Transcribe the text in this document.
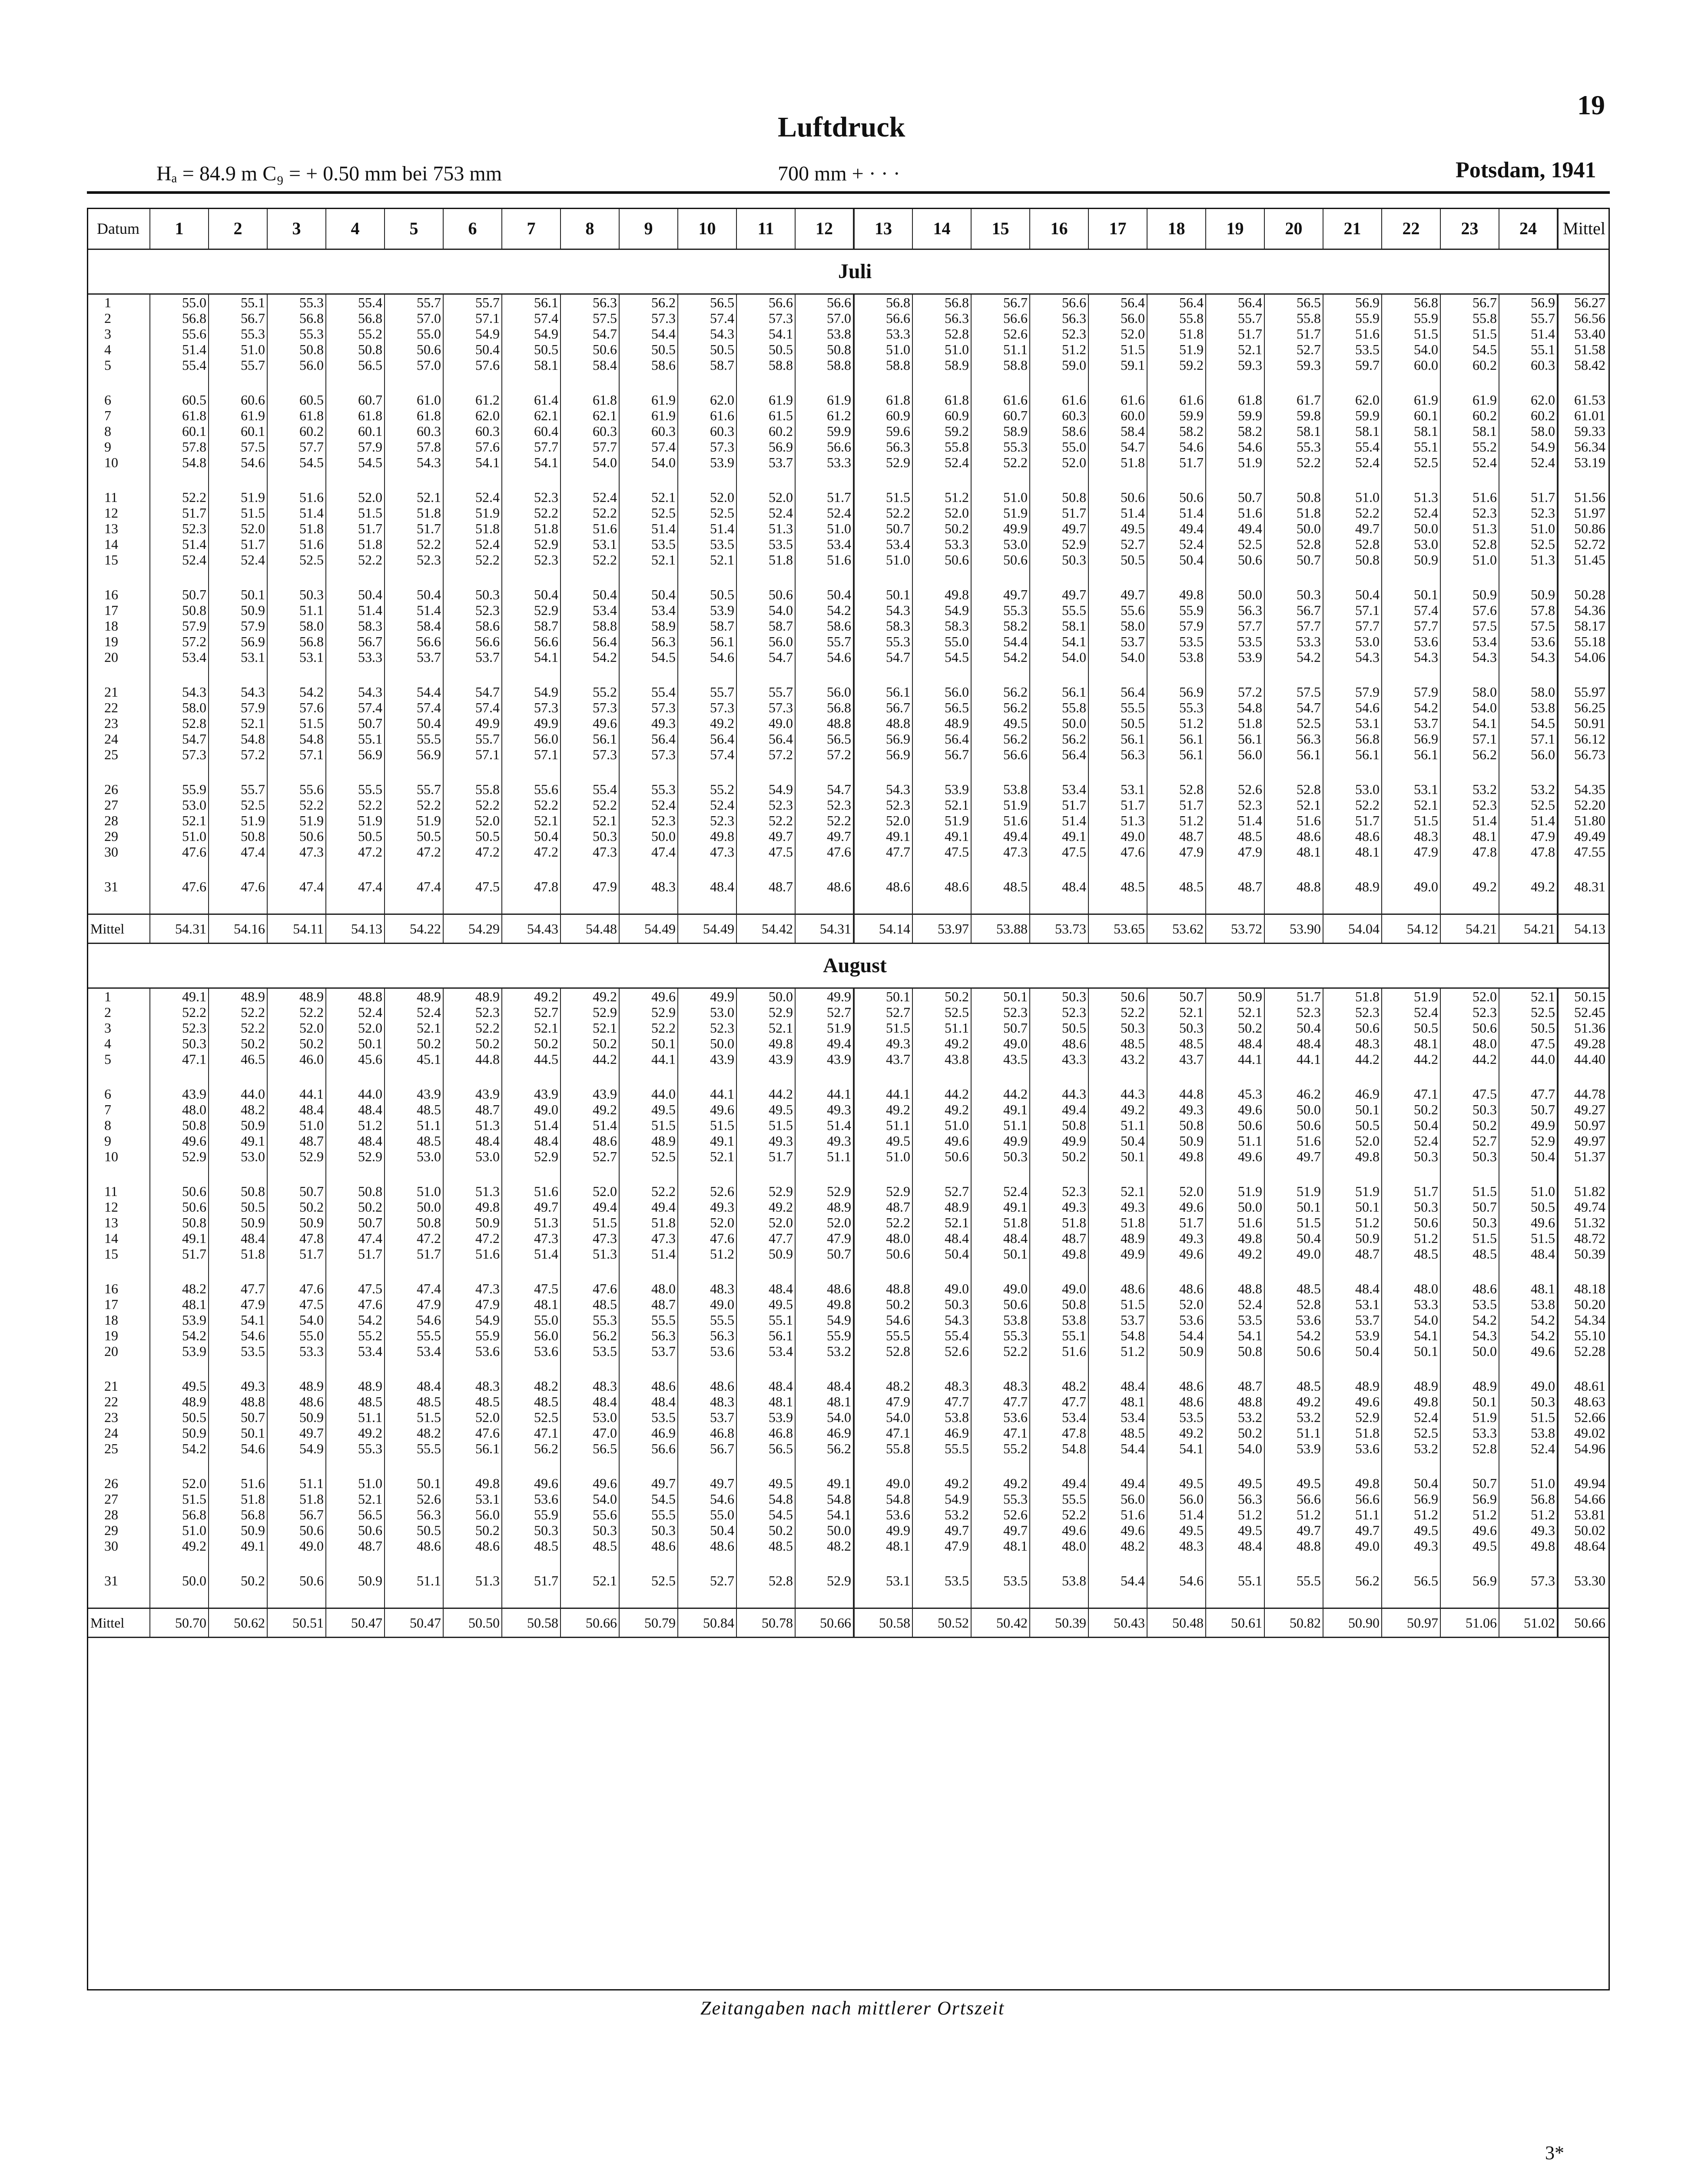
19
Luftdruck
Hₐ = 84.9 m C₉ = + 0.50 mm bei 753 mm	700 mm + · · ·	Potsdam, 1941
Datum	1	2	3	4	5	6	7	8	9	10	11	12	13	14	15	16	17	18	19	20	21	22	23	24	Mittel
Juli																									
1	55.0	55.1	55.3	55.4	55.7	55.7	56.1	56.3	56.2	56.5	56.6	56.6	56.8	56.8	56.7	56.6	56.4	56.4	56.4	56.5	56.9	56.8	56.7	56.9	56.27
2	56.8	56.7	56.8	56.8	57.0	57.1	57.4	57.5	57.3	57.4	57.3	57.0	56.6	56.3	56.6	56.3	56.0	55.8	55.7	55.8	55.9	55.9	55.8	55.7	56.56
3	55.6	55.3	55.3	55.2	55.0	54.9	54.9	54.7	54.4	54.3	54.1	53.8	53.3	52.8	52.6	52.3	52.0	51.8	51.7	51.7	51.6	51.5	51.5	51.4	53.40
4	51.4	51.0	50.8	50.8	50.6	50.4	50.5	50.6	50.5	50.5	50.5	50.8	51.0	51.0	51.1	51.2	51.5	51.9	52.1	52.7	53.5	54.0	54.5	55.1	51.58
5	55.4	55.7	56.0	56.5	57.0	57.6	58.1	58.4	58.6	58.7	58.8	58.8	58.8	58.9	58.8	59.0	59.1	59.2	59.3	59.3	59.7	60.0	60.2	60.3	58.42

6	60.5	60.6	60.5	60.7	61.0	61.2	61.4	61.8	61.9	62.0	61.9	61.9	61.8	61.8	61.6	61.6	61.6	61.6	61.8	61.7	62.0	61.9	61.9	62.0	61.53
7	61.8	61.9	61.8	61.8	61.8	62.0	62.1	62.1	61.9	61.6	61.5	61.2	60.9	60.9	60.7	60.3	60.0	59.9	59.9	59.8	59.9	60.1	60.2	60.2	61.01
8	60.1	60.1	60.2	60.1	60.3	60.3	60.4	60.3	60.3	60.3	60.2	59.9	59.6	59.2	58.9	58.6	58.4	58.2	58.2	58.1	58.1	58.1	58.1	58.0	59.33
9	57.8	57.5	57.7	57.9	57.8	57.6	57.7	57.7	57.4	57.3	56.9	56.6	56.3	55.8	55.3	55.0	54.7	54.6	54.6	55.3	55.4	55.1	55.2	54.9	56.34
10	54.8	54.6	54.5	54.5	54.3	54.1	54.1	54.0	54.0	53.9	53.7	53.3	52.9	52.4	52.2	52.0	51.8	51.7	51.9	52.2	52.4	52.5	52.4	52.4	53.19

11	52.2	51.9	51.6	52.0	52.1	52.4	52.3	52.4	52.1	52.0	52.0	51.7	51.5	51.2	51.0	50.8	50.6	50.6	50.7	50.8	51.0	51.3	51.6	51.7	51.56
12	51.7	51.5	51.4	51.5	51.8	51.9	52.2	52.2	52.5	52.5	52.4	52.4	52.2	52.0	51.9	51.7	51.4	51.4	51.6	51.8	52.2	52.4	52.3	52.3	51.97
13	52.3	52.0	51.8	51.7	51.7	51.8	51.8	51.6	51.4	51.4	51.3	51.0	50.7	50.2	49.9	49.7	49.5	49.4	49.4	50.0	49.7	50.0	51.3	51.0	50.86
14	51.4	51.7	51.6	51.8	52.2	52.4	52.9	53.1	53.5	53.5	53.5	53.4	53.4	53.3	53.0	52.9	52.7	52.4	52.5	52.8	52.8	53.0	52.8	52.5	52.72
15	52.4	52.4	52.5	52.2	52.3	52.2	52.3	52.2	52.1	52.1	51.8	51.6	51.0	50.6	50.6	50.3	50.5	50.4	50.6	50.7	50.8	50.9	51.0	51.3	51.45

16	50.7	50.1	50.3	50.4	50.4	50.3	50.4	50.4	50.4	50.5	50.6	50.4	50.1	49.8	49.7	49.7	49.7	49.8	50.0	50.3	50.4	50.1	50.9	50.9	50.28
17	50.8	50.9	51.1	51.4	51.4	52.3	52.9	53.4	53.4	53.9	54.0	54.2	54.3	54.9	55.3	55.5	55.6	55.9	56.3	56.7	57.1	57.4	57.6	57.8	54.36
18	57.9	57.9	58.0	58.3	58.4	58.6	58.7	58.8	58.9	58.7	58.7	58.6	58.3	58.3	58.2	58.1	58.0	57.9	57.7	57.7	57.7	57.7	57.5	57.5	58.17
19	57.2	56.9	56.8	56.7	56.6	56.6	56.6	56.4	56.3	56.1	56.0	55.7	55.3	55.0	54.4	54.1	53.7	53.5	53.5	53.3	53.0	53.6	53.4	53.6	55.18
20	53.4	53.1	53.1	53.3	53.7	53.7	54.1	54.2	54.5	54.6	54.7	54.6	54.7	54.5	54.2	54.0	54.0	53.8	53.9	54.2	54.3	54.3	54.3	54.3	54.06

21	54.3	54.3	54.2	54.3	54.4	54.7	54.9	55.2	55.4	55.7	55.7	56.0	56.1	56.0	56.2	56.1	56.4	56.9	57.2	57.5	57.9	57.9	58.0	58.0	55.97
22	58.0	57.9	57.6	57.4	57.4	57.4	57.3	57.3	57.3	57.3	57.3	56.8	56.7	56.5	56.2	55.8	55.5	55.3	54.8	54.7	54.6	54.2	54.0	53.8	56.25
23	52.8	52.1	51.5	50.7	50.4	49.9	49.9	49.6	49.3	49.2	49.0	48.8	48.8	48.9	49.5	50.0	50.5	51.2	51.8	52.5	53.1	53.7	54.1	54.5	50.91
24	54.7	54.8	54.8	55.1	55.5	55.7	56.0	56.1	56.4	56.4	56.4	56.5	56.9	56.4	56.2	56.2	56.1	56.1	56.1	56.3	56.8	56.9	57.1	57.1	56.12
25	57.3	57.2	57.1	56.9	56.9	57.1	57.1	57.3	57.3	57.4	57.2	57.2	56.9	56.7	56.6	56.4	56.3	56.1	56.0	56.1	56.1	56.1	56.2	56.0	56.73

26	55.9	55.7	55.6	55.5	55.7	55.8	55.6	55.4	55.3	55.2	54.9	54.7	54.3	53.9	53.8	53.4	53.1	52.8	52.6	52.8	53.0	53.1	53.2	53.2	54.35
27	53.0	52.5	52.2	52.2	52.2	52.2	52.2	52.2	52.4	52.4	52.3	52.3	52.3	52.1	51.9	51.7	51.7	51.7	52.3	52.1	52.2	52.1	52.3	52.5	52.20
28	52.1	51.9	51.9	51.9	51.9	52.0	52.1	52.1	52.3	52.3	52.2	52.2	52.0	51.9	51.6	51.4	51.3	51.2	51.4	51.6	51.7	51.5	51.4	51.4	51.80
29	51.0	50.8	50.6	50.5	50.5	50.5	50.4	50.3	50.0	49.8	49.7	49.7	49.1	49.1	49.4	49.1	49.0	48.7	48.5	48.6	48.6	48.3	48.1	47.9	49.49
30	47.6	47.4	47.3	47.2	47.2	47.2	47.2	47.3	47.4	47.3	47.5	47.6	47.7	47.5	47.3	47.5	47.6	47.9	47.9	48.1	48.1	47.9	47.8	47.8	47.55

31	47.6	47.6	47.4	47.4	47.4	47.5	47.8	47.9	48.3	48.4	48.7	48.6	48.6	48.6	48.5	48.4	48.5	48.5	48.7	48.8	48.9	49.0	49.2	49.2	48.31

Mittel	54.31	54.16	54.11	54.13	54.22	54.29	54.43	54.48	54.49	54.49	54.42	54.31	54.14	53.97	53.88	53.73	53.65	53.62	53.72	53.90	54.04	54.12	54.21	54.21	54.13
August																									
1	49.1	48.9	48.9	48.8	48.9	48.9	49.2	49.2	49.6	49.9	50.0	49.9	50.1	50.2	50.1	50.3	50.6	50.7	50.9	51.7	51.8	51.9	52.0	52.1	50.15
2	52.2	52.2	52.2	52.4	52.4	52.3	52.7	52.9	52.9	53.0	52.9	52.7	52.7	52.5	52.3	52.3	52.2	52.1	52.1	52.3	52.3	52.4	52.3	52.5	52.45
3	52.3	52.2	52.0	52.0	52.1	52.2	52.1	52.1	52.2	52.3	52.1	51.9	51.5	51.1	50.7	50.5	50.3	50.3	50.2	50.4	50.6	50.5	50.6	50.5	51.36
4	50.3	50.2	50.2	50.1	50.2	50.2	50.2	50.2	50.1	50.0	49.8	49.4	49.3	49.2	49.0	48.6	48.5	48.5	48.4	48.4	48.3	48.1	48.0	47.5	49.28
5	47.1	46.5	46.0	45.6	45.1	44.8	44.5	44.2	44.1	43.9	43.9	43.9	43.7	43.8	43.5	43.3	43.2	43.7	44.1	44.1	44.2	44.2	44.2	44.0	44.40

6	43.9	44.0	44.1	44.0	43.9	43.9	43.9	43.9	44.0	44.1	44.2	44.1	44.1	44.2	44.2	44.3	44.3	44.8	45.3	46.2	46.9	47.1	47.5	47.7	44.78
7	48.0	48.2	48.4	48.4	48.5	48.7	49.0	49.2	49.5	49.6	49.5	49.3	49.2	49.2	49.1	49.4	49.2	49.3	49.6	50.0	50.1	50.2	50.3	50.7	49.27
8	50.8	50.9	51.0	51.2	51.1	51.3	51.4	51.4	51.5	51.5	51.5	51.4	51.1	51.0	51.1	50.8	51.1	50.8	50.6	50.6	50.5	50.4	50.2	49.9	50.97
9	49.6	49.1	48.7	48.4	48.5	48.4	48.4	48.6	48.9	49.1	49.3	49.3	49.5	49.6	49.9	49.9	50.4	50.9	51.1	51.6	52.0	52.4	52.7	52.9	49.97
10	52.9	53.0	52.9	52.9	53.0	53.0	52.9	52.7	52.5	52.1	51.7	51.1	51.0	50.6	50.3	50.2	50.1	49.8	49.6	49.7	49.8	50.3	50.3	50.4	51.37

11	50.6	50.8	50.7	50.8	51.0	51.3	51.6	52.0	52.2	52.6	52.9	52.9	52.9	52.7	52.4	52.3	52.1	52.0	51.9	51.9	51.9	51.7	51.5	51.0	51.82
12	50.6	50.5	50.2	50.2	50.0	49.8	49.7	49.4	49.4	49.3	49.2	48.9	48.7	48.9	49.1	49.3	49.3	49.6	50.0	50.1	50.1	50.3	50.7	50.5	49.74
13	50.8	50.9	50.9	50.7	50.8	50.9	51.3	51.5	51.8	52.0	52.0	52.0	52.2	52.1	51.8	51.8	51.8	51.7	51.6	51.5	51.2	50.6	50.3	49.6	51.32
14	49.1	48.4	47.8	47.4	47.2	47.2	47.3	47.3	47.3	47.6	47.7	47.9	48.0	48.4	48.4	48.7	48.9	49.3	49.8	50.4	50.9	51.2	51.5	51.5	48.72
15	51.7	51.8	51.7	51.7	51.7	51.6	51.4	51.3	51.4	51.2	50.9	50.7	50.6	50.4	50.1	49.8	49.9	49.6	49.2	49.0	48.7	48.5	48.5	48.4	50.39

16	48.2	47.7	47.6	47.5	47.4	47.3	47.5	47.6	48.0	48.3	48.4	48.6	48.8	49.0	49.0	49.0	48.6	48.6	48.8	48.5	48.4	48.0	48.6	48.1	48.18
17	48.1	47.9	47.5	47.6	47.9	47.9	48.1	48.5	48.7	49.0	49.5	49.8	50.2	50.3	50.6	50.8	51.5	52.0	52.4	52.8	53.1	53.3	53.5	53.8	50.20
18	53.9	54.1	54.0	54.2	54.6	54.9	55.0	55.3	55.5	55.5	55.1	54.9	54.6	54.3	53.8	53.8	53.7	53.6	53.5	53.6	53.7	54.0	54.2	54.2	54.34
19	54.2	54.6	55.0	55.2	55.5	55.9	56.0	56.2	56.3	56.3	56.1	55.9	55.5	55.4	55.3	55.1	54.8	54.4	54.1	54.2	53.9	54.1	54.3	54.2	55.10
20	53.9	53.5	53.3	53.4	53.4	53.6	53.6	53.5	53.7	53.6	53.4	53.2	52.8	52.6	52.2	51.6	51.2	50.9	50.8	50.6	50.4	50.1	50.0	49.6	52.28

21	49.5	49.3	48.9	48.9	48.4	48.3	48.2	48.3	48.6	48.6	48.4	48.4	48.2	48.3	48.3	48.2	48.4	48.6	48.7	48.5	48.9	48.9	48.9	49.0	48.61
22	48.9	48.8	48.6	48.5	48.5	48.5	48.5	48.4	48.4	48.3	48.1	48.1	47.9	47.7	47.7	47.7	48.1	48.6	48.8	49.2	49.6	49.8	50.1	50.3	48.63
23	50.5	50.7	50.9	51.1	51.5	52.0	52.5	53.0	53.5	53.7	53.9	54.0	54.0	53.8	53.6	53.4	53.4	53.5	53.2	53.2	52.9	52.4	51.9	51.5	52.66
24	50.9	50.1	49.7	49.2	48.2	47.6	47.1	47.0	46.9	46.8	46.8	46.9	47.1	46.9	47.1	47.8	48.5	49.2	50.2	51.1	51.8	52.5	53.3	53.8	49.02
25	54.2	54.6	54.9	55.3	55.5	56.1	56.2	56.5	56.6	56.7	56.5	56.2	55.8	55.5	55.2	54.8	54.4	54.1	54.0	53.9	53.6	53.2	52.8	52.4	54.96

26	52.0	51.6	51.1	51.0	50.1	49.8	49.6	49.6	49.7	49.7	49.5	49.1	49.0	49.2	49.2	49.4	49.4	49.5	49.5	49.5	49.8	50.4	50.7	51.0	49.94
27	51.5	51.8	51.8	52.1	52.6	53.1	53.6	54.0	54.5	54.6	54.8	54.8	54.8	54.9	55.3	55.5	56.0	56.0	56.3	56.6	56.6	56.9	56.9	56.8	54.66
28	56.8	56.8	56.7	56.5	56.3	56.0	55.9	55.6	55.5	55.0	54.5	54.1	53.6	53.2	52.6	52.2	51.6	51.4	51.2	51.2	51.1	51.2	51.2	51.2	53.81
29	51.0	50.9	50.6	50.6	50.5	50.2	50.3	50.3	50.3	50.4	50.2	50.0	49.9	49.7	49.7	49.6	49.6	49.5	49.5	49.7	49.7	49.5	49.6	49.3	50.02
30	49.2	49.1	49.0	48.7	48.6	48.6	48.5	48.5	48.6	48.6	48.5	48.2	48.1	47.9	48.1	48.0	48.2	48.3	48.4	48.8	49.0	49.3	49.5	49.8	48.64

31	50.0	50.2	50.6	50.9	51.1	51.3	51.7	52.1	52.5	52.7	52.8	52.9	53.1	53.5	53.5	53.8	54.4	54.6	55.1	55.5	56.2	56.5	56.9	57.3	53.30

Mittel	50.70	50.62	50.51	50.47	50.47	50.50	50.58	50.66	50.79	50.84	50.78	50.66	50.58	50.52	50.42	50.39	50.43	50.48	50.61	50.82	50.90	50.97	51.06	51.02	50.66
Zeitangaben nach mittlerer Ortszeit
3*
